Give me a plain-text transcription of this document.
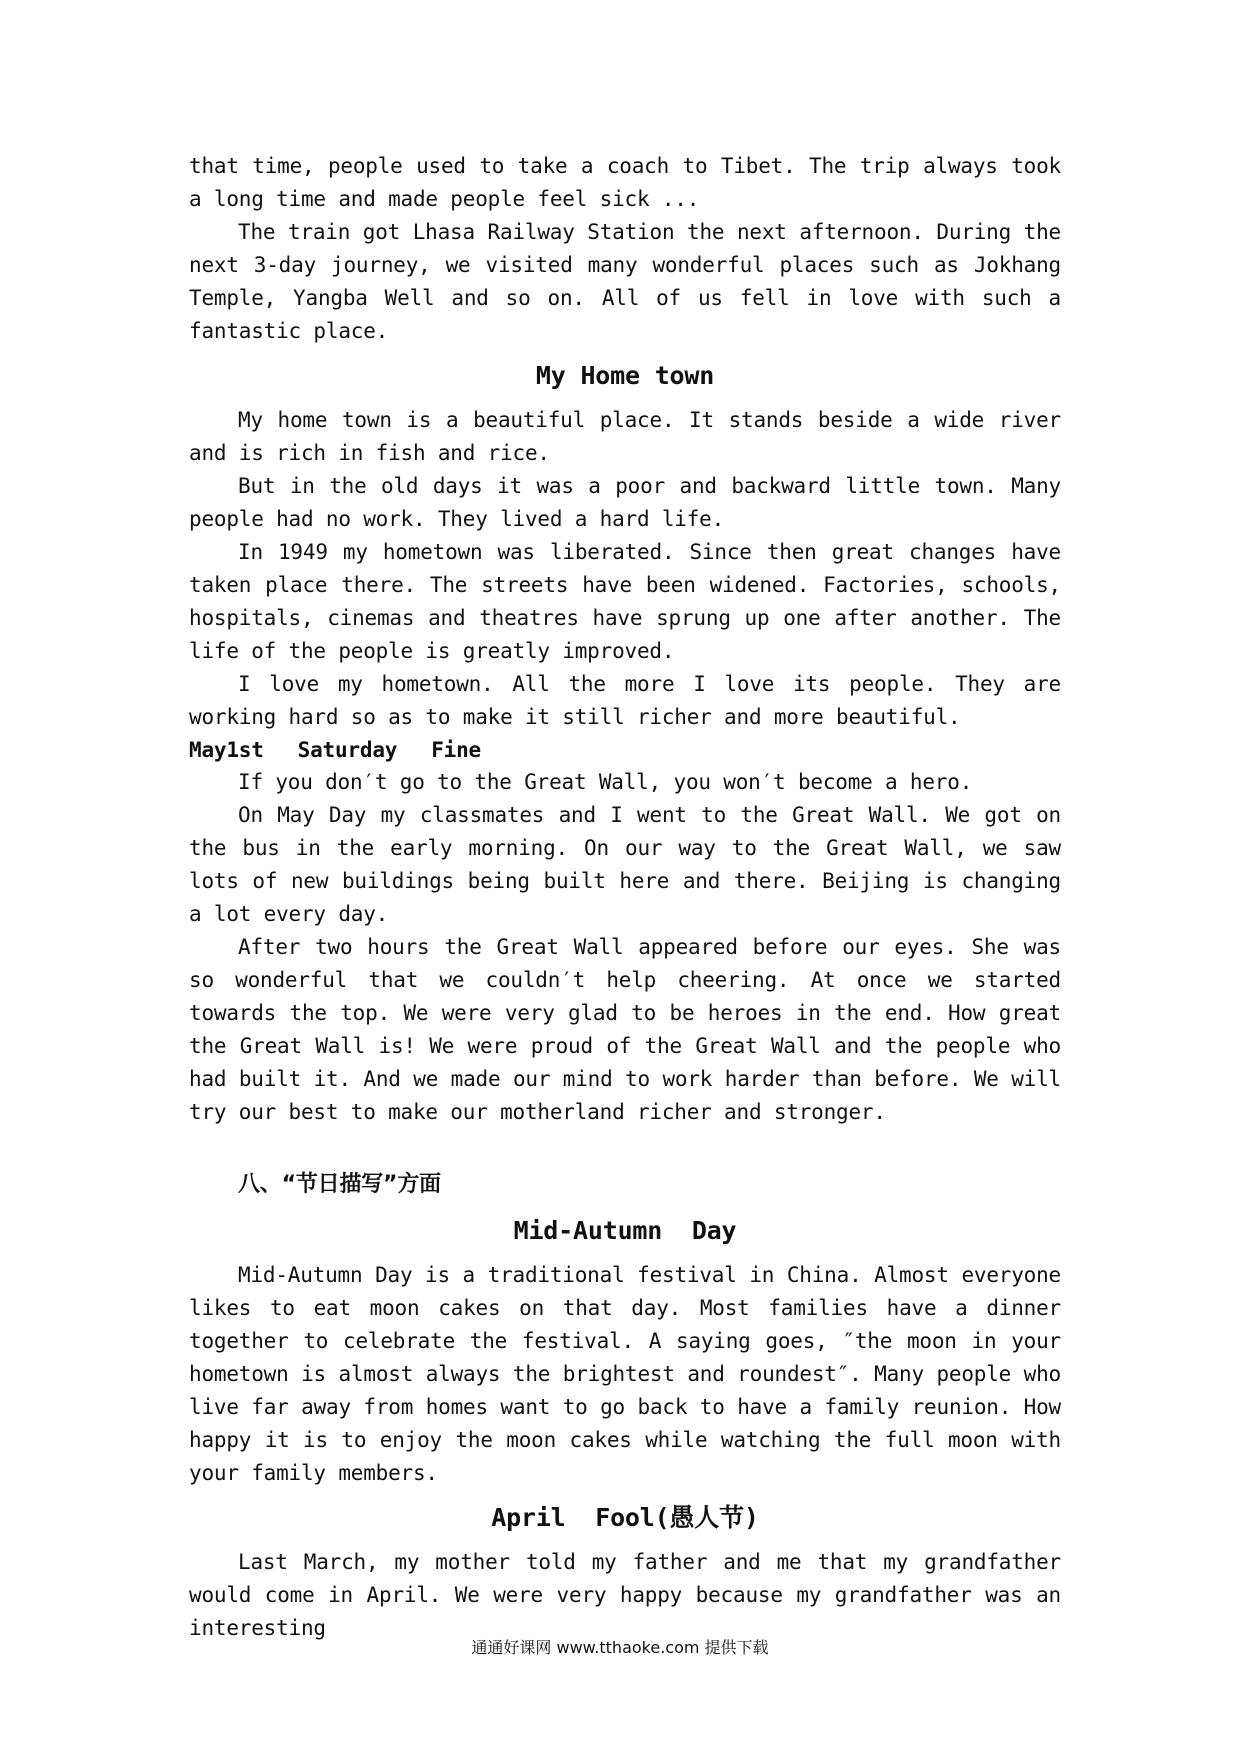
that time, people used to take a coach to Tibet. The trip always took a long time and made people feel sick ...

The train got Lhasa Railway Station the next afternoon. During the next 3-day journey, we visited many wonderful places such as Jokhang Temple, Yangba Well and so on. All of us fell in love with such a fantastic place.

My Home town

My home town is a beautiful place. It stands beside a wide river and is rich in fish and rice.

But in the old days it was a poor and backward little town. Many people had no work. They lived a hard life.

In 1949 my hometown was liberated. Since then great changes have taken place there. The streets have been widened. Factories, schools, hospitals, cinemas and theatres have sprung up one after another. The life of the people is greatly improved.

I love my hometown. All the more I love its people. They are working hard so as to make it still richer and more beautiful.

May1st Saturday Fine

If you don′t go to the Great Wall, you won′t become a hero.

On May Day my classmates and I went to the Great Wall. We got on the bus in the early morning. On our way to the Great Wall, we saw lots of new buildings being built here and there. Beijing is changing a lot every day.

After two hours the Great Wall appeared before our eyes. She was so wonderful that we couldn′t help cheering. At once we started towards the top. We were very glad to be heroes in the end. How great the Great Wall is! We were proud of the Great Wall and the people who had built it. And we made our mind to work harder than before. We will try our best to make our motherland richer and stronger.

八、“节日描写”方面
Mid-Autumn  Day

Mid-Autumn Day is a traditional festival in China. Almost everyone likes to eat moon cakes on that day. Most families have a dinner together to celebrate the festival. A saying goes, ″the moon in your hometown is almost always the brightest and roundest″. Many people who live far away from homes want to go back to have a family reunion. How happy it is to enjoy the moon cakes while watching the full moon with your family members.

April  Fool(愚人节)

Last March, my mother told my father and me that my grandfather would come in April. We were very happy because my grandfather was an interesting

通通好课网 www.tthaoke.com 提供下载
